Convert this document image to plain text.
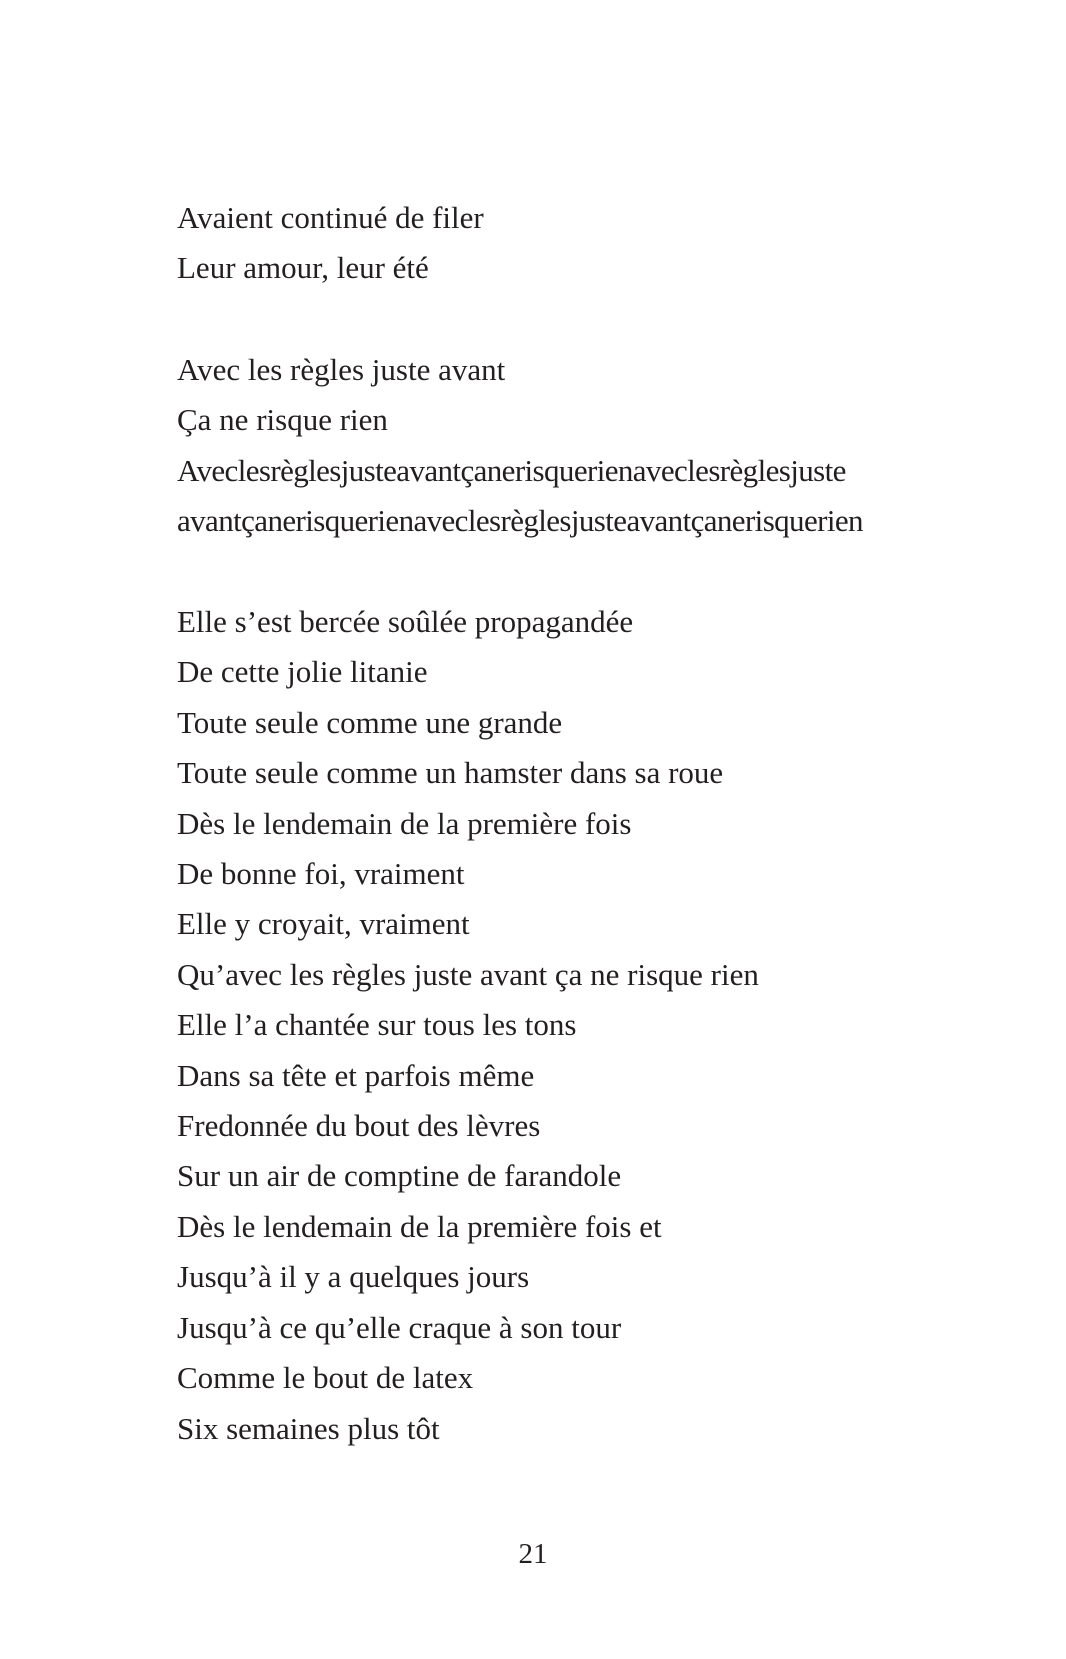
Avaient continué de filer
Leur amour, leur été
Avec les règles juste avant
Ça ne risque rien
Aveclesrèglesjusteavantçanerisquerienaveclesrèglesjuste
avantçanerisquerienaveclesrèglesjusteavantçanerisquerien
Elle s’est bercée soûlée propagandée
De cette jolie litanie
Toute seule comme une grande
Toute seule comme un hamster dans sa roue
Dès le lendemain de la première fois
De bonne foi, vraiment
Elle y croyait, vraiment
Qu’avec les règles juste avant ça ne risque rien
Elle l’a chantée sur tous les tons
Dans sa tête et parfois même
Fredonnée du bout des lèvres
Sur un air de comptine de farandole
Dès le lendemain de la première fois et
Jusqu’à il y a quelques jours
Jusqu’à ce qu’elle craque à son tour
Comme le bout de latex
Six semaines plus tôt
21
